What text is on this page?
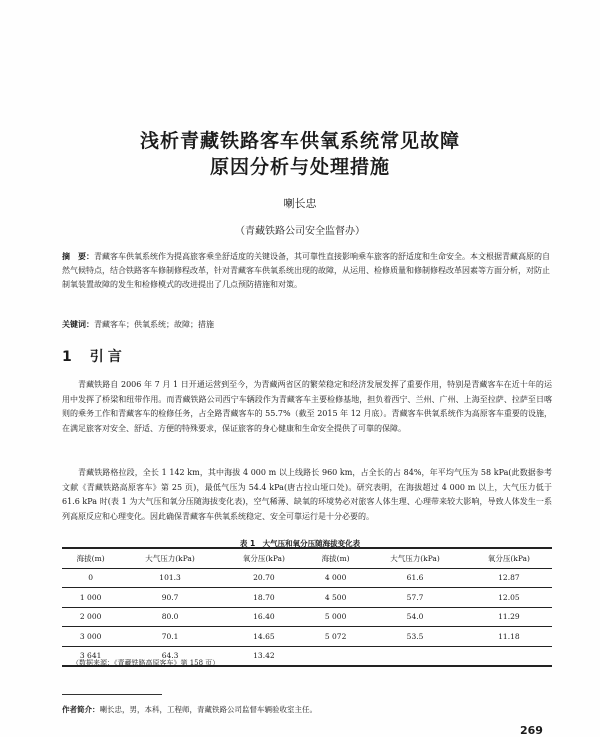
浅析青藏铁路客车供氧系统常见故障
原因分析与处理措施
喇长忠
（青藏铁路公司安全监督办）
摘　要：青藏客车供氧系统作为提高旅客乘坐舒适度的关键设备，其可靠性直接影响乘车旅客的舒适度和生命安全。本文根据青藏高原的自然气候特点，结合铁路客车修制修程改革，针对青藏客车供氧系统出现的故障，从运用、检修质量和修制修程改革因素等方面分析，对防止制氧装置故障的发生和检修模式的改进提出了几点预防措施和对策。
关键词：青藏客车；供氧系统；故障；措施
1 引言
青藏铁路自 2006 年 7 月 1 日开通运营到至今，为青藏两省区的繁荣稳定和经济发展发挥了重要作用，特别是青藏客车在近十年的运用中发挥了桥梁和纽带作用。而青藏铁路公司西宁车辆段作为青藏客车主要检修基地，担负着西宁、兰州、广州、上海至拉萨、拉萨至日喀则的乘务工作和青藏客车的检修任务，占全路青藏客车的 55.7%（截至 2015 年 12 月底）。青藏客车供氧系统作为高原客车重要的设施，在满足旅客对安全、舒适、方便的特殊要求，保证旅客的身心健康和生命安全提供了可靠的保障。
青藏铁路格拉段，全长 1 142 km，其中海拔 4 000 m 以上线路长 960 km，占全长的占 84%，年平均气压为 58 kPa(此数据参考文献《青藏铁路高原客车》第 25 页)，最低气压为 54.4 kPa(唐古拉山垭口处)。研究表明，在海拔超过 4 000 m 以上，大气压力低于 61.6 kPa 时(表 1 为大气压和氧分压随海拔变化表)，空气稀薄、缺氧的环境势必对旅客人体生理、心理带来较大影响，导致人体发生一系列高原反应和心理变化。因此确保青藏客车供氧系统稳定、安全可靠运行是十分必要的。
表 1　大气压和氧分压随海拔变化表
海拔(m)	大气压力(kPa)	氧分压(kPa)	海拔(m)	大气压力(kPa)	氧分压(kPa)
0	101.3	20.70	4 000	61.6	12.87
1 000	90.7	18.70	4 500	57.7	12.05
2 000	80.0	16.40	5 000	54.0	11.29
3 000	70.1	14.65	5 072	53.5	11.18
3 641	64.3	13.42			
（数据来源：《青藏铁路高原客车》第 158 页）
作者简介：喇长忠，男，本科，工程师，青藏铁路公司监督车辆验收室主任。
269
